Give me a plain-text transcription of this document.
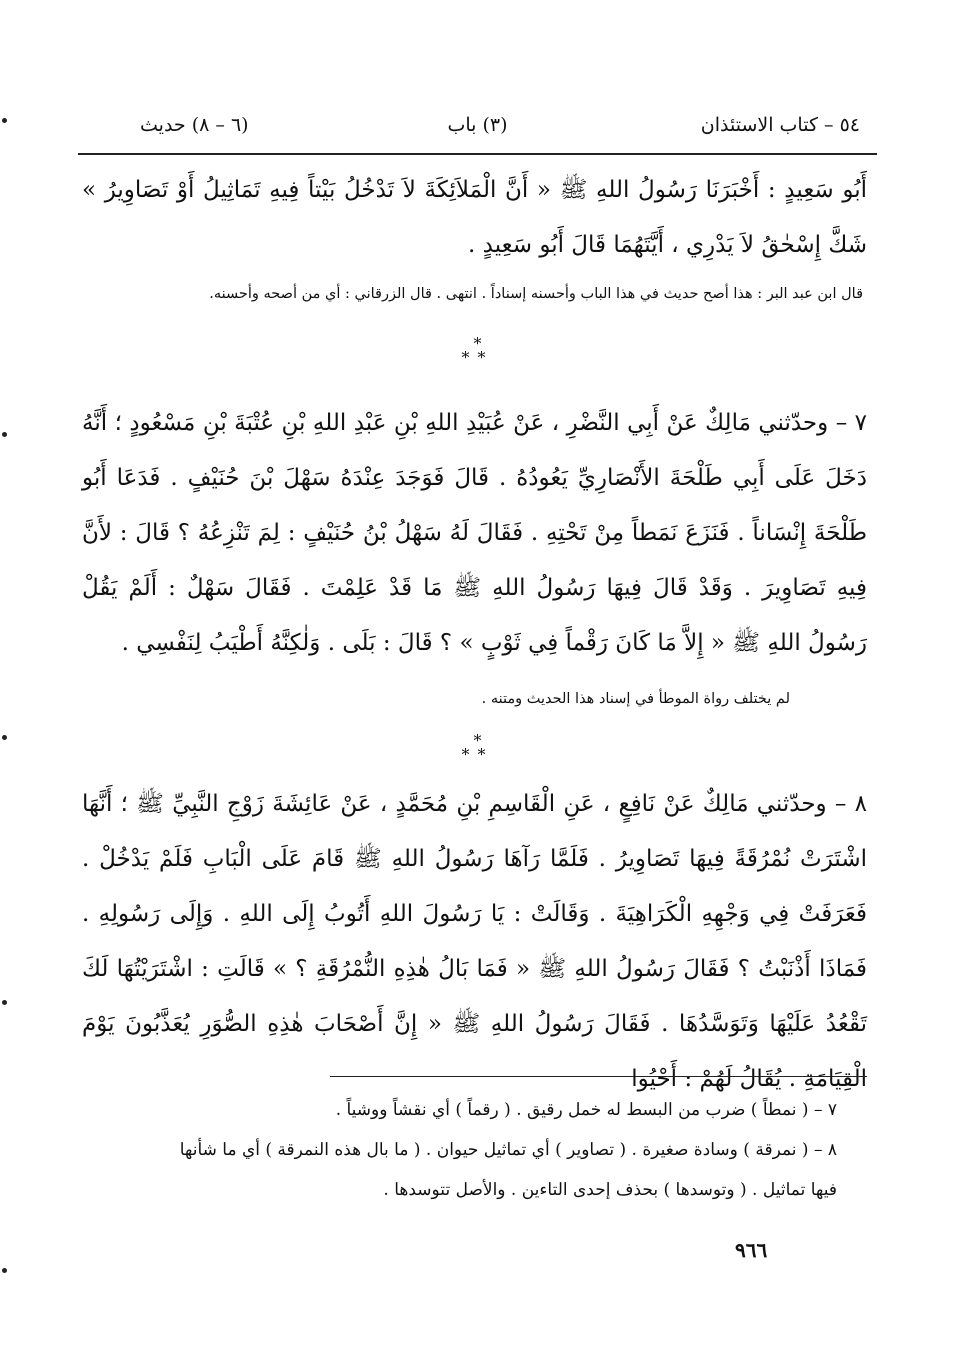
٥٤ – كتاب الاستئذان
(٣) باب
(٦ – ٨) حديث
أَبُو سَعِيدٍ : أَخْبَرَنَا رَسُولُ اللهِ ﷺ « أَنَّ الْمَلاَئِكَةَ لاَ تَدْخُلُ بَيْتاً فِيهِ تَمَاثِيلُ أَوْ تَصَاوِيرُ » شَكَّ إِسْحٰقُ لاَ يَدْرِي ، أَيَّتَهُمَا قَالَ أَبُو سَعِيدٍ .
قال ابن عبد البر : هذا أصح حديث في هذا الباب وأحسنه إسناداً . انتهى . قال الزرقاني : أي من أصحه وأحسنه.
*
**
٧ – وحدّثني مَالِكٌ عَنْ أَبِي النَّضْرِ ، عَنْ عُبَيْدِ اللهِ بْنِ عَبْدِ اللهِ بْنِ عُتْبَةَ بْنِ مَسْعُودٍ ؛ أَنَّهُ دَخَلَ عَلَى أَبِي طَلْحَةَ الأَنْصَارِيِّ يَعُودُهُ . قَالَ فَوَجَدَ عِنْدَهُ سَهْلَ بْنَ حُنَيْفٍ . فَدَعَا أَبُو طَلْحَةَ إِنْسَاناً . فَنَزَعَ نَمَطاً مِنْ تَحْتِهِ . فَقَالَ لَهُ سَهْلُ بْنُ حُنَيْفٍ : لِمَ تَنْزِعُهُ ؟ قَالَ : لأَنَّ فِيهِ تَصَاوِيرَ . وَقَدْ قَالَ فِيهَا رَسُولُ اللهِ ﷺ مَا قَدْ عَلِمْتَ . فَقَالَ سَهْلٌ : أَلَمْ يَقُلْ رَسُولُ اللهِ ﷺ « إِلاَّ مَا كَانَ رَقْماً فِي ثَوْبٍ » ؟ قَالَ : بَلَى . وَلٰكِنَّهُ أَطْيَبُ لِنَفْسِي .
لم يختلف رواة الموطأ في إسناد هذا الحديث ومتنه .
*
**
٨ – وحدّثني مَالِكٌ عَنْ نَافِعٍ ، عَنِ الْقَاسِمِ بْنِ مُحَمَّدٍ ، عَنْ عَائِشَةَ زَوْجِ النَّبِيِّ ﷺ ؛ أَنَّهَا اشْتَرَتْ نُمْرُقَةً فِيهَا تَصَاوِيرُ . فَلَمَّا رَآهَا رَسُولُ اللهِ ﷺ قَامَ عَلَى الْبَابِ فَلَمْ يَدْخُلْ . فَعَرَفَتْ فِي وَجْهِهِ الْكَرَاهِيَةَ . وَقَالَتْ : يَا رَسُولَ اللهِ أَتُوبُ إِلَى اللهِ . وَإِلَى رَسُولِهِ . فَمَاذَا أَذْنَبْتُ ؟ فَقَالَ رَسُولُ اللهِ ﷺ « فَمَا بَالُ هٰذِهِ النُّمْرُقَةِ ؟ » قَالَتِ : اشْتَرَيْتُهَا لَكَ تَقْعُدُ عَلَيْهَا وَتَوَسَّدُهَا . فَقَالَ رَسُولُ اللهِ ﷺ « إِنَّ أَصْحَابَ هٰذِهِ الصُّوَرِ يُعَذَّبُونَ يَوْمَ الْقِيَامَةِ . يُقَالُ لَهُمْ : أَحْيُوا
٧ – ( نمطاً ) ضرب من البسط له خمل رقيق . ( رقماً ) أي نقشاً ووشياً .
٨ – ( نمرقة ) وسادة صغيرة . ( تصاوير ) أي تماثيل حيوان . ( ما بال هذه النمرقة ) أي ما شأنها
فيها تماثيل . ( وتوسدها ) بحذف إحدى التاءين . والأصل تتوسدها .
٩٦٦
